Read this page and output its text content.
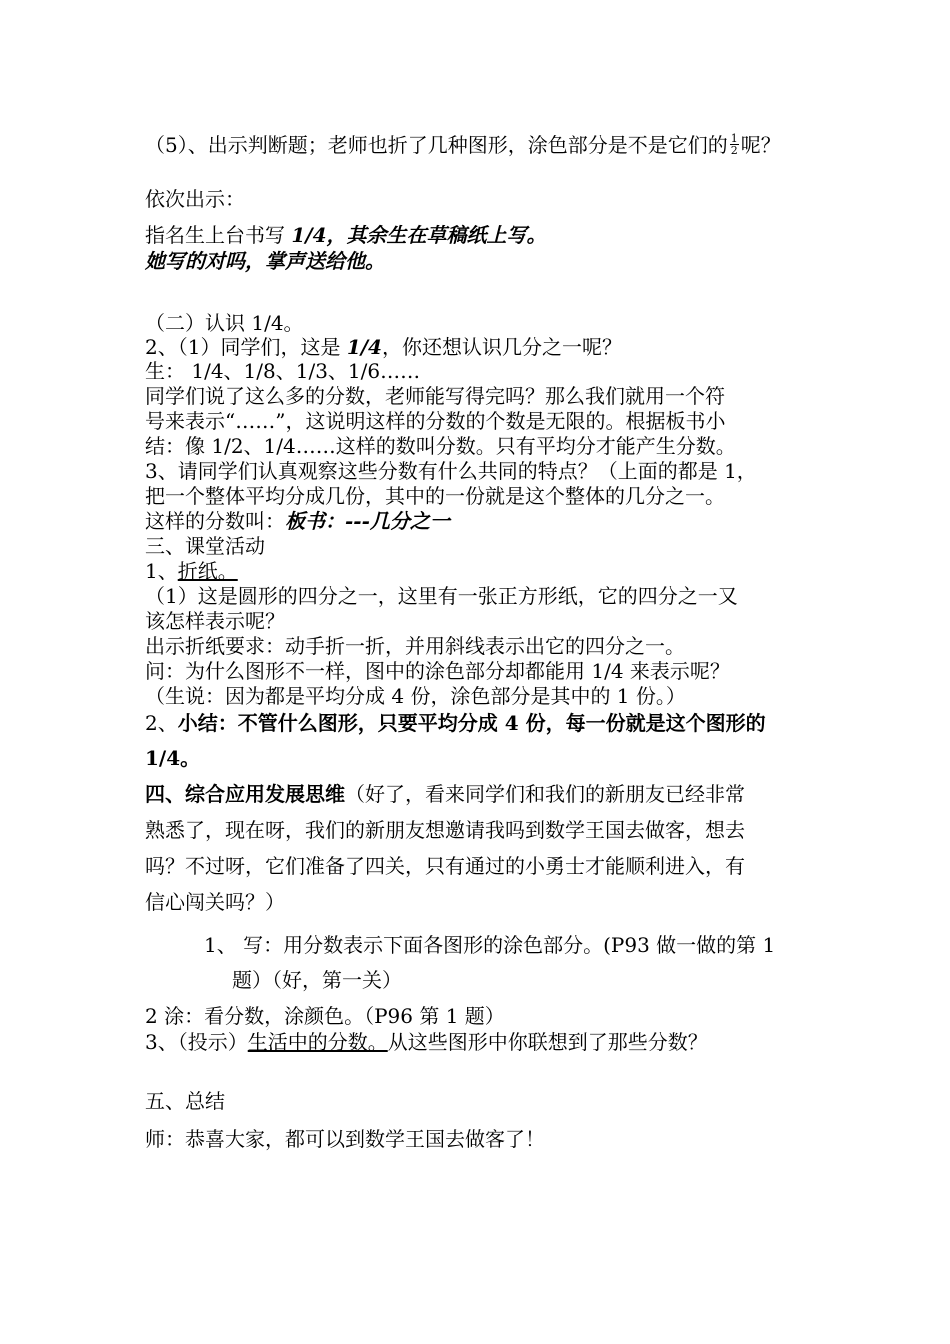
（5）、出示判断题；老师也折了几种图形，涂色部分是不是它们的 $\frac{1}{2}$ 呢？
依次出示：
指名生上台书写 1/4，其余生在草稿纸上写。
她写的对吗，掌声送给他。
（二）认识 1/4。
2、（1）同学们，这是 1/4，你还想认识几分之一呢？
生： 1/4、1/8、1/3、1/6……
同学们说了这么多的分数，老师能写得完吗？那么我们就用一个符
号来表示“……”，这说明这样的分数的个数是无限的。根据板书小
结：像 1/2、1/4……这样的数叫分数。只有平均分才能产生分数。
3、请同学们认真观察这些分数有什么共同的特点？（上面的都是 1，
把一个整体平均分成几份，其中的一份就是这个整体的几分之一。
这样的分数叫：板书：---几分之一
三、课堂活动
1、折纸。
（1）这是圆形的四分之一，这里有一张正方形纸，它的四分之一又
该怎样表示呢？
出示折纸要求：动手折一折，并用斜线表示出它的四分之一。
问：为什么图形不一样，图中的涂色部分却都能用 1/4 来表示呢？
（生说：因为都是平均分成 4 份，涂色部分是其中的 1 份。）
2、小结：不管什么图形，只要平均分成 4 份，每一份就是这个图形的
1/4。
四、综合应用发展思维（好了，看来同学们和我们的新朋友已经非常
熟悉了，现在呀，我们的新朋友想邀请我吗到数学王国去做客，想去
吗？不过呀，它们准备了四关，只有通过的小勇士才能顺利进入，有
信心闯关吗？）
1、 写：用分数表示下面各图形的涂色部分。(P93 做一做的第 1
题）（好，第一关）
2 涂：看分数，涂颜色。（P96 第 1 题）
3、（投示）生活中的分数。从这些图形中你联想到了那些分数？
五、总结
师：恭喜大家，都可以到数学王国去做客了！
